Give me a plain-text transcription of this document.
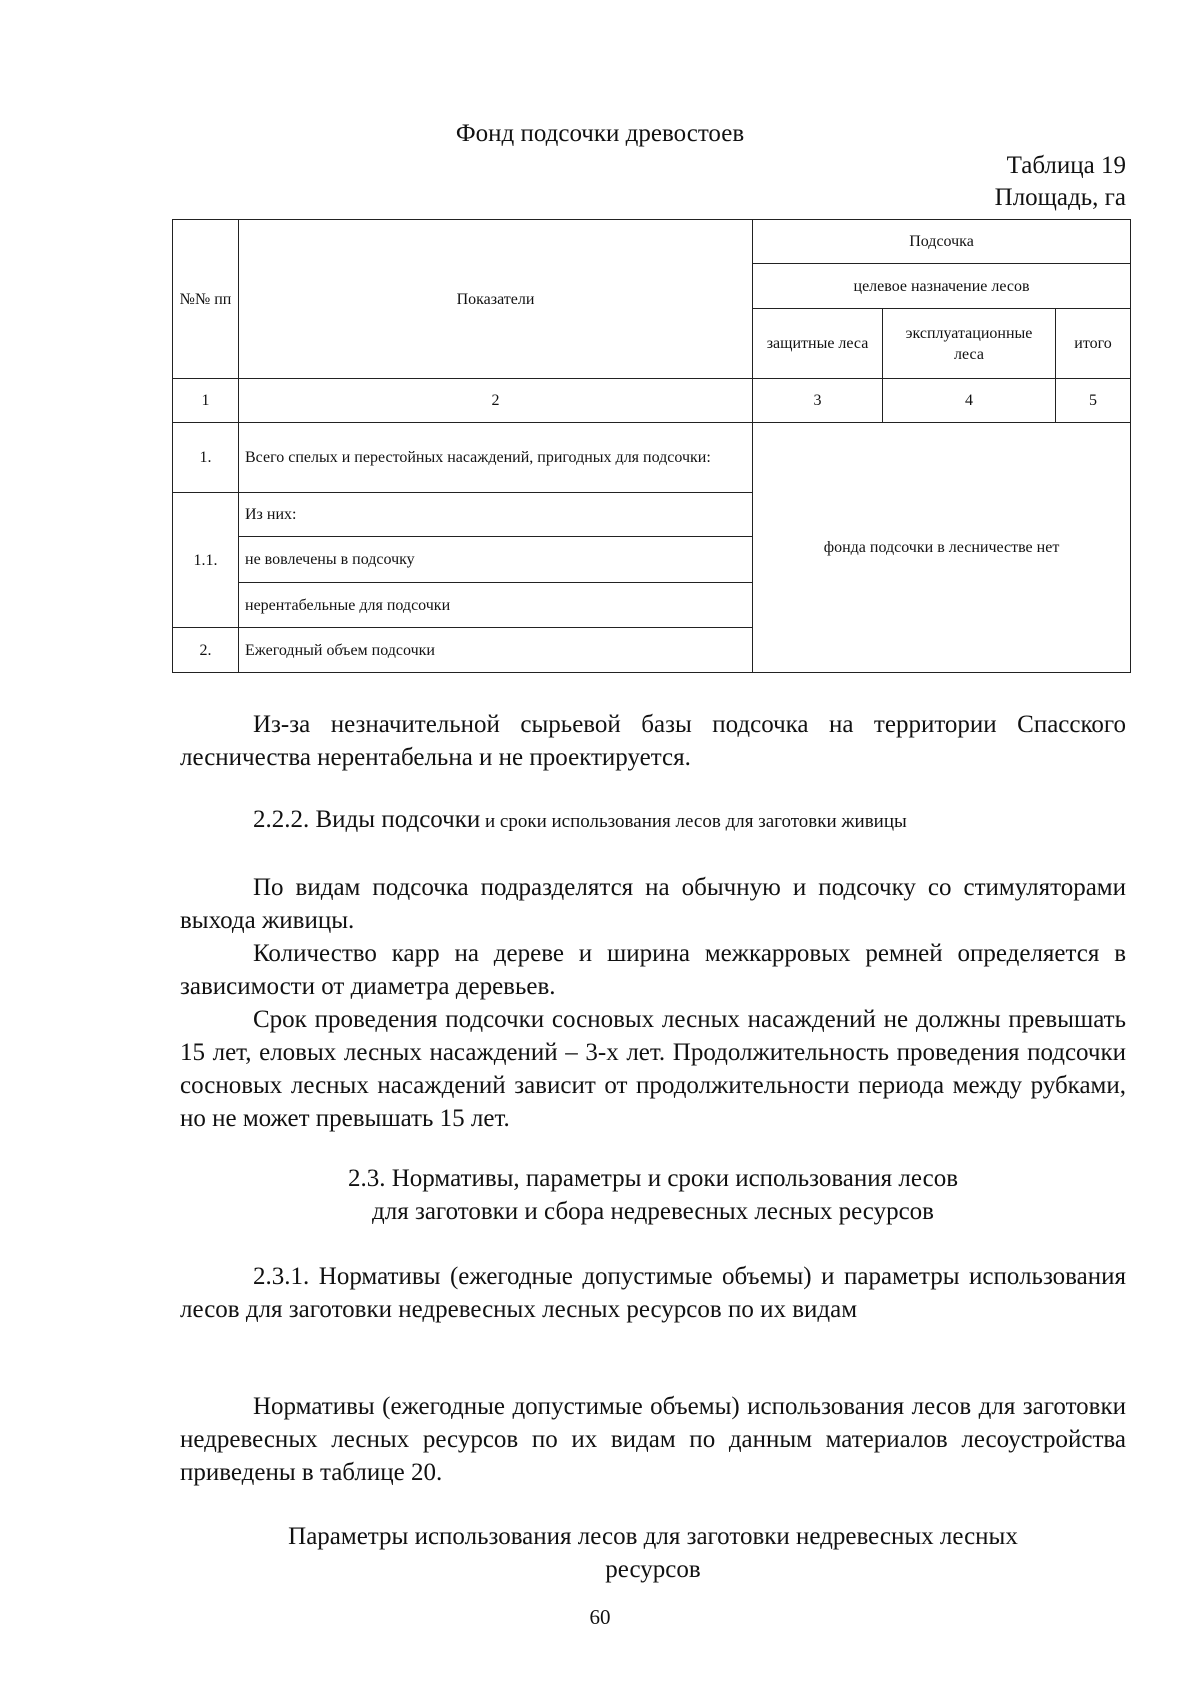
Фонд подсочки древостоев
Таблица 19
Площадь, га
№№ пп	Показатели	Подсочка		
		целевое назначение лесов		
		защитные леса	эксплуатационные леса	итого
1	2	3	4	5
1.	Всего спелых и перестойных насаждений, пригодных для подсочки:	фонда подсочки в лесничестве нет		
1.1.	Из них:			
	не вовлечены в подсочку			
	нерентабельные для подсочки			
2.	Ежегодный объем подсочки			
Из-за незначительной сырьевой базы подсочка на территории Спасского лесничества нерентабельна и не проектируется.
2.2.2. Виды подсочки и сроки использования лесов для заготовки живицы
По видам подсочка подразделятся на обычную и подсочку со стимуляторами выхода живицы.
Количество карр на дереве и ширина межкарровых ремней определяется в зависимости от диаметра деревьев.
Срок проведения подсочки сосновых лесных насаждений не должны превышать 15 лет, еловых лесных насаждений – 3-х лет. Продолжительность проведения подсочки сосновых лесных насаждений зависит от продолжительности периода между рубками, но не может превышать 15 лет.
2.3. Нормативы, параметры и сроки использования лесов
для заготовки и сбора недревесных лесных ресурсов
2.3.1. Нормативы (ежегодные допустимые объемы) и параметры использования лесов для заготовки недревесных лесных ресурсов по их видам
Нормативы (ежегодные допустимые объемы) использования лесов для заготовки недревесных лесных ресурсов по их видам по данным материалов лесоустройства приведены в таблице 20.
Параметры использования лесов для заготовки недревесных лесных
ресурсов
60
